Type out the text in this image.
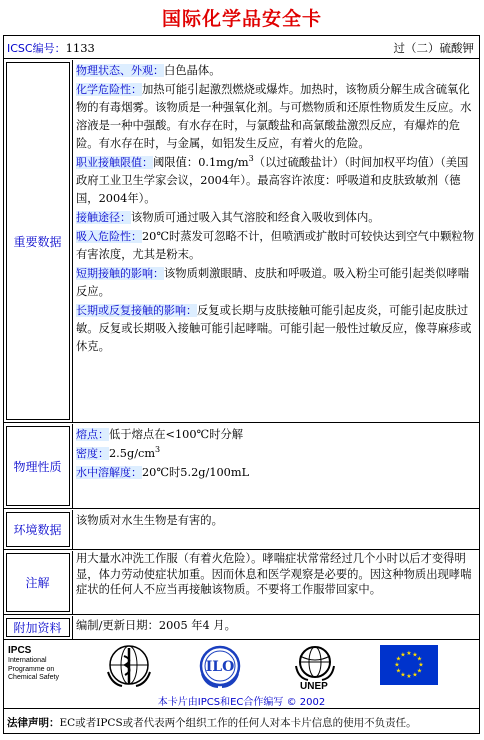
国际化学品安全卡
ICSC编号：1133	过（二）硫酸钾
重要数据
物理状态、外观：白色晶体。
化学危险性：加热可能引起激烈燃烧或爆炸。加热时，该物质分解生成含硫氧化物的有毒烟雾。该物质是一种强氧化剂。与可燃物质和还原性物质发生反应。水溶液是一种中强酸。有水存在时，与氯酸盐和高氯酸盐激烈反应，有爆炸的危险。有水存在时，与金属，如铝发生反应，有着火的危险。
职业接触限值：阈限值：$0.1mg/m^3$（以过硫酸盐计）（时间加权平均值）（美国政府工业卫生学家会议，2004年）。最高容许浓度：呼吸道和皮肤致敏剂（德国，2004年）。
接触途径：该物质可通过吸入其气溶胶和经食入吸收到体内。
吸入危险性：20℃时蒸发可忽略不计，但喷洒或扩散时可较快达到空气中颗粒物有害浓度，尤其是粉末。
短期接触的影响：该物质刺激眼睛、皮肤和呼吸道。吸入粉尘可能引起类似哮喘反应。
长期或反复接触的影响：反复或长期与皮肤接触可能引起皮炎，可能引起皮肤过敏。反复或长期吸入接触可能引起哮喘。可能引起一般性过敏反应，像荨麻疹或休克。
物理性质
熔点：低于熔点在<100℃时分解
密度：$2.5g/cm^3$
水中溶解度：20℃时5.2g/100mL
环境数据
该物质对水生生物是有害的。
注解
用大量水冲洗工作服（有着火危险）。哮喘症状常常经过几个小时以后才变得明显，体力劳动使症状加重。因而休息和医学观察是必要的。因这种物质出现哮喘症状的任何人不应当再接触该物质。不要将工作服带回家中。
附加资料	编制/更新日期：2005 年4 月。
IPCS
International
Programme on
Chemical Safety
ILO
UNEP
★ ★
★
★
★
★
★
★
★
★
★
★
本卡片由IPCS和EC合作编写 © 2002
法律声明：EC或者IPCS或者代表两个组织工作的任何人对本卡片信息的使用不负责任。
